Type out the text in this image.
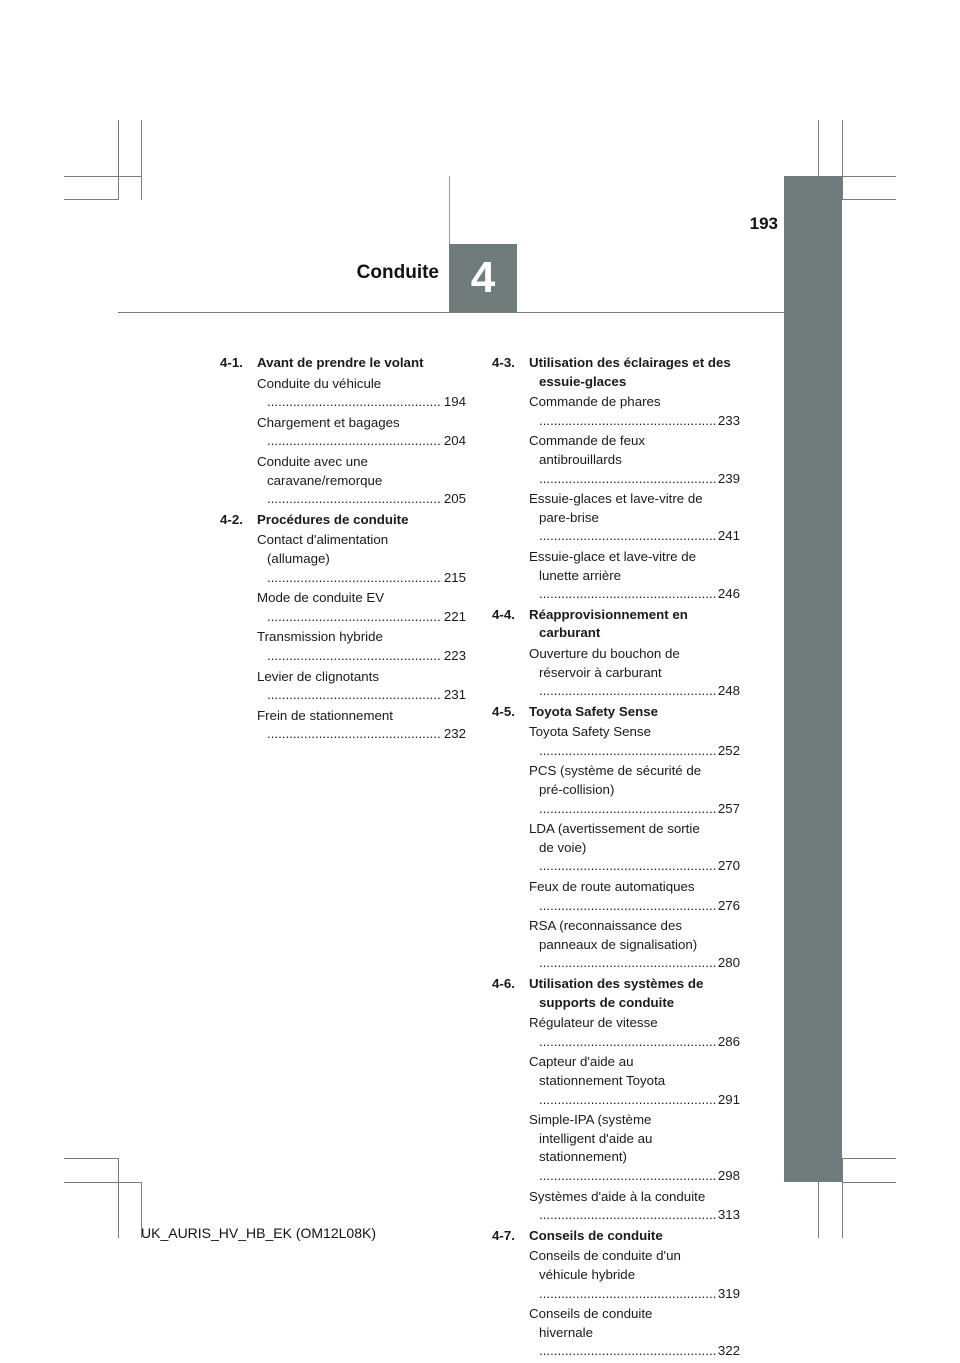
193
Conduite 4
4-1. Avant de prendre le volant
Conduite du véhicule .....
194
Chargement et bagages .....
204
Conduite avec une caravane/remorque .....
205
4-2. Procédures de conduite
Contact d'alimentation (allumage) .....
215
Mode de conduite EV .....
221
Transmission hybride .....
223
Levier de clignotants .....
231
Frein de stationnement .....
232
4-3. Utilisation des éclairages et des essuie-glaces
Commande de phares .....
233
Commande de feux antibrouillards .....
239
Essuie-glaces et lave-vitre de pare-brise .....
241
Essuie-glace et lave-vitre de lunette arrière .....
246
4-4. Réapprovisionnement en carburant
Ouverture du bouchon de réservoir à carburant .....
248
4-5. Toyota Safety Sense
Toyota Safety Sense .....
252
PCS (système de sécurité de pré-collision) .....
257
LDA (avertissement de sortie de voie) .....
270
Feux de route automatiques .....
276
RSA (reconnaissance des panneaux de signalisation) .....
280
4-6. Utilisation des systèmes de supports de conduite
Régulateur de vitesse .....
286
Capteur d'aide au stationnement Toyota .....
291
Simple-IPA (système intelligent d'aide au stationnement) .....
298
Systèmes d'aide à la conduite .....
313
4-7. Conseils de conduite
Conseils de conduite d'un véhicule hybride .....
319
Conseils de conduite hivernale .....
322
UK_AURIS_HV_HB_EK (OM12L08K)
